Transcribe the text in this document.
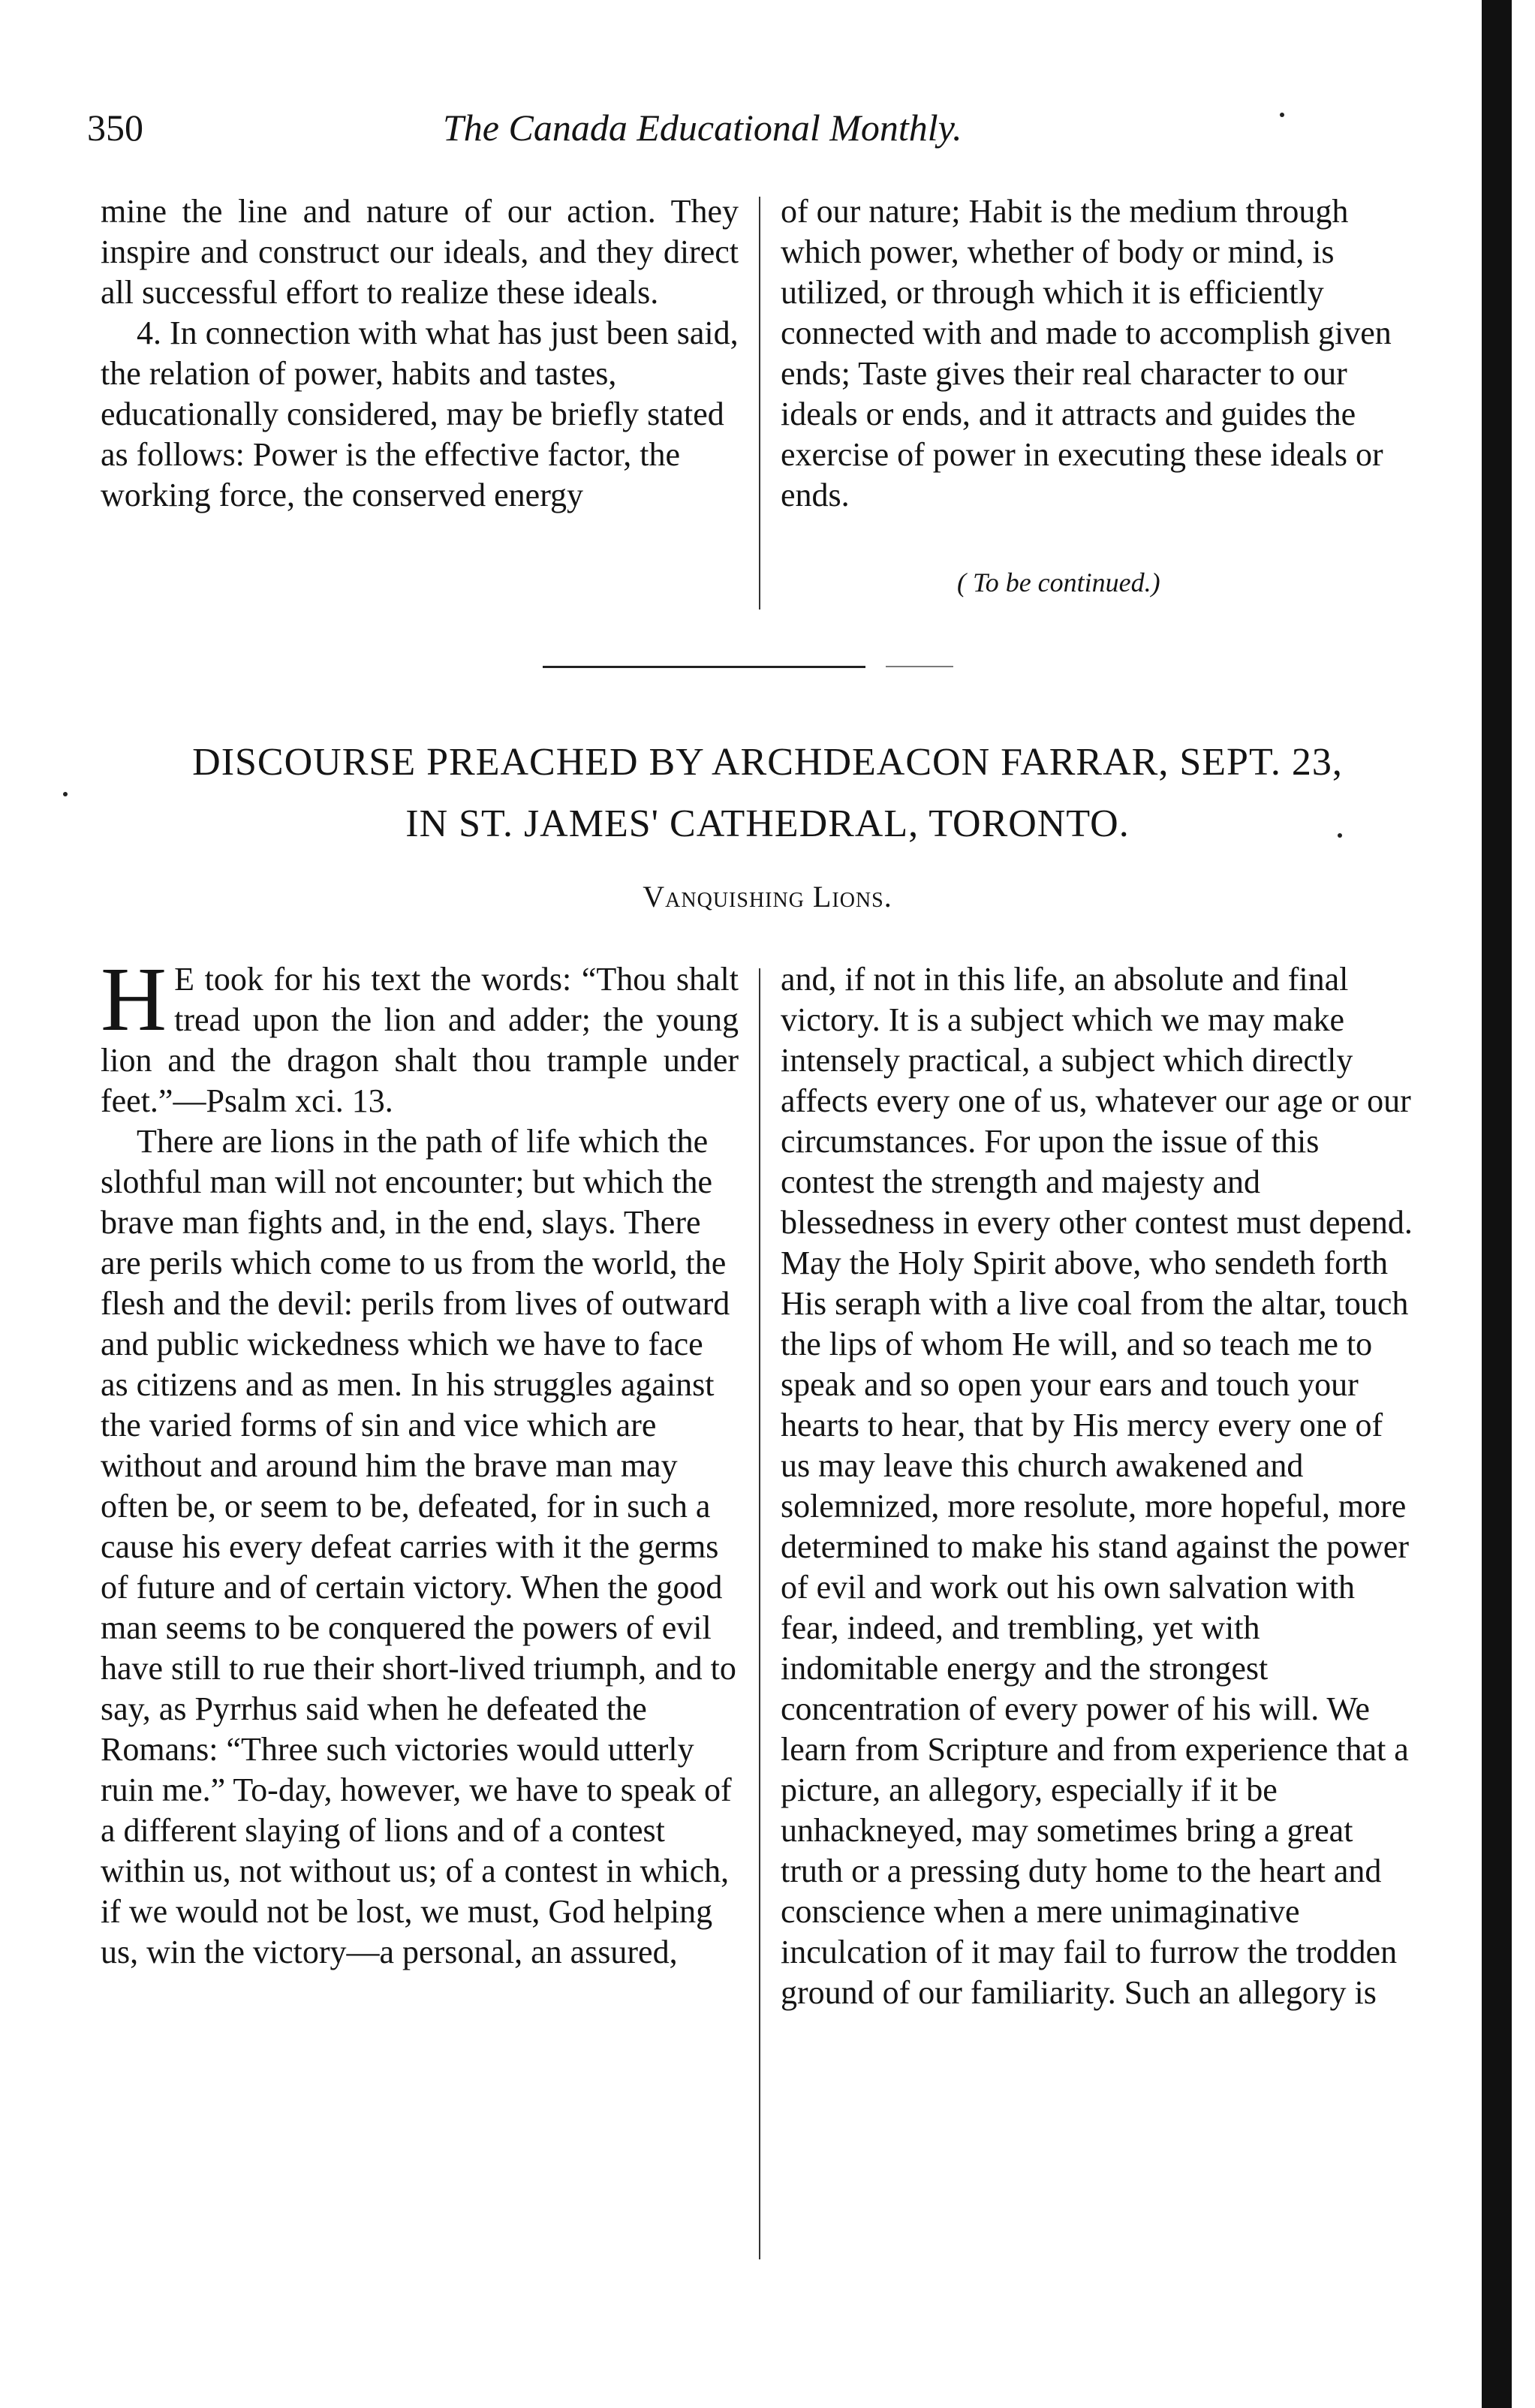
350	The Canada Educational Monthly.

mine the line and nature of our action. They inspire and construct our ideals, and they direct all successful effort to realize these ideals.

4. In connection with what has just been said, the relation of power, habits and tastes, educationally considered, may be briefly stated as follows: Power is the effective factor, the working force, the conserved energy

of our nature; Habit is the medium through which power, whether of body or mind, is utilized, or through which it is efficiently connected with and made to accomplish given ends; Taste gives their real character to our ideals or ends, and it attracts and guides the exercise of power in executing these ideals or ends.

( To be continued.)
DISCOURSE PREACHED BY ARCHDEACON FARRAR, SEPT. 23,
IN ST. JAMES' CATHEDRAL, TORONTO.
Vanquishing Lions.

H E took for his text the words: “Thou shalt tread upon the lion and adder; the young lion and the dragon shalt thou trample under feet.”—Psalm xci. 13.

There are lions in the path of life which the slothful man will not encounter; but which the brave man fights and, in the end, slays. There are perils which come to us from the world, the flesh and the devil: perils from lives of outward and public wickedness which we have to face as citizens and as men. In his struggles against the varied forms of sin and vice which are without and around him the brave man may often be, or seem to be, defeated, for in such a cause his every defeat carries with it the germs of future and of certain victory. When the good man seems to be conquered the powers of evil have still to rue their short-lived triumph, and to say, as Pyrrhus said when he defeated the Romans: “Three such victories would utterly ruin me.” To-day, however, we have to speak of a different slaying of lions and of a contest within us, not without us; of a contest in which, if we would not be lost, we must, God helping us, win the victory—a personal, an assured,

and, if not in this life, an absolute and final victory. It is a subject which we may make intensely practical, a subject which directly affects every one of us, whatever our age or our circumstances. For upon the issue of this contest the strength and majesty and blessedness in every other contest must depend. May the Holy Spirit above, who sendeth forth His seraph with a live coal from the altar, touch the lips of whom He will, and so teach me to speak and so open your ears and touch your hearts to hear, that by His mercy every one of us may leave this church awakened and solemnized, more resolute, more hopeful, more determined to make his stand against the power of evil and work out his own salvation with fear, indeed, and trembling, yet with indomitable energy and the strongest concentration of every power of his will. We learn from Scripture and from experience that a picture, an allegory, especially if it be unhackneyed, may sometimes bring a great truth or a pressing duty home to the heart and conscience when a mere unimaginative inculcation of it may fail to furrow the trodden ground of our familiarity. Such an allegory is
